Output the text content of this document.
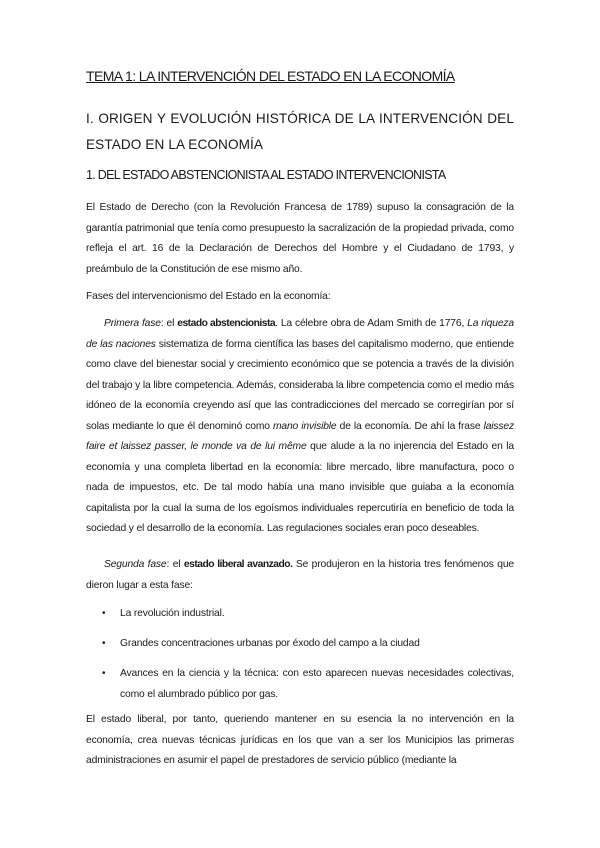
TEMA 1: LA INTERVENCIÓN DEL ESTADO EN LA ECONOMÍA
I. ORIGEN Y EVOLUCIÓN HISTÓRICA DE LA INTERVENCIÓN DEL ESTADO EN LA ECONOMÍA
1. DEL ESTADO ABSTENCIONISTA AL ESTADO INTERVENCIONISTA

El Estado de Derecho (con la Revolución Francesa de 1789) supuso la consagración de la garantía patrimonial que tenía como presupuesto la sacralización de la propiedad privada, como refleja el art. 16 de la Declaración de Derechos del Hombre y el Ciudadano de 1793, y preámbulo de la Constitución de ese mismo año.

Fases del intervencionismo del Estado en la economía:

Primera fase: el estado abstencionista. La célebre obra de Adam Smith de 1776, La riqueza de las naciones sistematiza de forma científica las bases del capitalismo moderno, que entiende como clave del bienestar social y crecimiento económico que se potencia a través de la división del trabajo y la libre competencia. Además, consideraba la libre competencia como el medio más idóneo de la economía creyendo así que las contradicciones del mercado se corregirían por sí solas mediante lo que él denominó como mano invisible de la economía. De ahí la frase laissez faire et laissez passer, le monde va de lui même que alude a la no injerencia del Estado en la economía y una completa libertad en la economía: libre mercado, libre manufactura, poco o nada de impuestos, etc. De tal modo había una mano invisible que guiaba a la economía capitalista por la cual la suma de los egoísmos individuales repercutiría en beneficio de toda la sociedad y el desarrollo de la economía. Las regulaciones sociales eran poco deseables.

Segunda fase: el estado liberal avanzado. Se produjeron en la historia tres fenómenos que dieron lugar a esta fase:

• La revolución industrial.
• Grandes concentraciones urbanas por éxodo del campo a la ciudad
• Avances en la ciencia y la técnica: con esto aparecen nuevas necesidades colectivas, como el alumbrado público por gas.

El estado liberal, por tanto, queriendo mantener en su esencia la no intervención en la economía, crea nuevas técnicas jurídicas en los que van a ser los Municipios las primeras administraciones en asumir el papel de prestadores de servicio público (mediante la
